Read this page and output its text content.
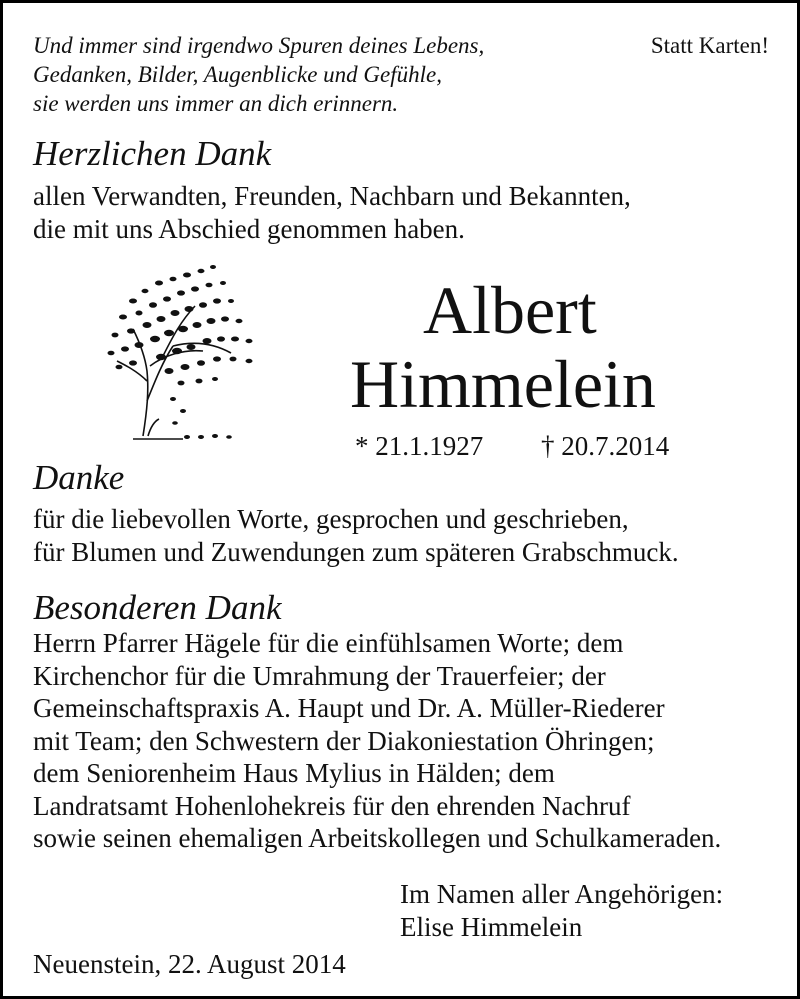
Und immer sind irgendwo Spuren deines Lebens,
Gedanken, Bilder, Augenblicke und Gefühle,
sie werden uns immer an dich erinnern.
Statt Karten!
Herzlichen Dank
allen Verwandten, Freunden, Nachbarn und Bekannten,
die mit uns Abschied genommen haben.
Albert
Himmelein
* 21.1.1927 † 20.7.2014
Danke
für die liebevollen Worte, gesprochen und geschrieben,
für Blumen und Zuwendungen zum späteren Grabschmuck.
Besonderen Dank
Herrn Pfarrer Hägele für die einfühlsamen Worte; dem
Kirchenchor für die Umrahmung der Trauerfeier; der
Gemeinschaftspraxis A. Haupt und Dr. A. Müller-Riederer
mit Team; den Schwestern der Diakoniestation Öhringen;
dem Seniorenheim Haus Mylius in Hälden; dem
Landratsamt Hohenlohekreis für den ehrenden Nachruf
sowie seinen ehemaligen Arbeitskollegen und Schulkameraden.
Im Namen aller Angehörigen:
Elise Himmelein
Neuenstein, 22. August 2014
